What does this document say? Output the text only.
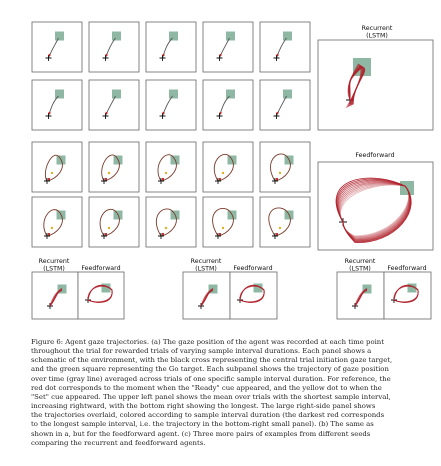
Recurrent
(LSTM)
Feedforward
Recurrent
(LSTM)	Feedforward
Recurrent
(LSTM)	Feedforward
Recurrent
(LSTM)	Feedforward
Figure 6: Agent gaze trajectories. (a) The gaze position of the agent was recorded at each time point
throughout the trial for rewarded trials of varying sample interval durations. Each panel shows a
schematic of the environment, with the black cross representing the central trial initiation gaze target,
and the green square representing the Go target. Each subpanel shows the trajectory of gaze position
over time (gray line) averaged across trials of one specific sample interval duration. For reference, the
red dot corresponds to the moment when the "Ready" cue appeared, and the yellow dot to when the
"Set" cue appeared. The upper left panel shows the mean over trials with the shortest sample interval,
increasing rightward, with the bottom right showing the longest. The large right-side panel shows
the trajectories overlaid, colored according to sample interval duration (the darkest red corresponds
to the longest sample interval, i.e. the trajectory in the bottom-right small panel). (b) The same as
shown in a, but for the feedforward agent. (c) Three more pairs of examples from different seeds
comparing the recurrent and feedforward agents.
